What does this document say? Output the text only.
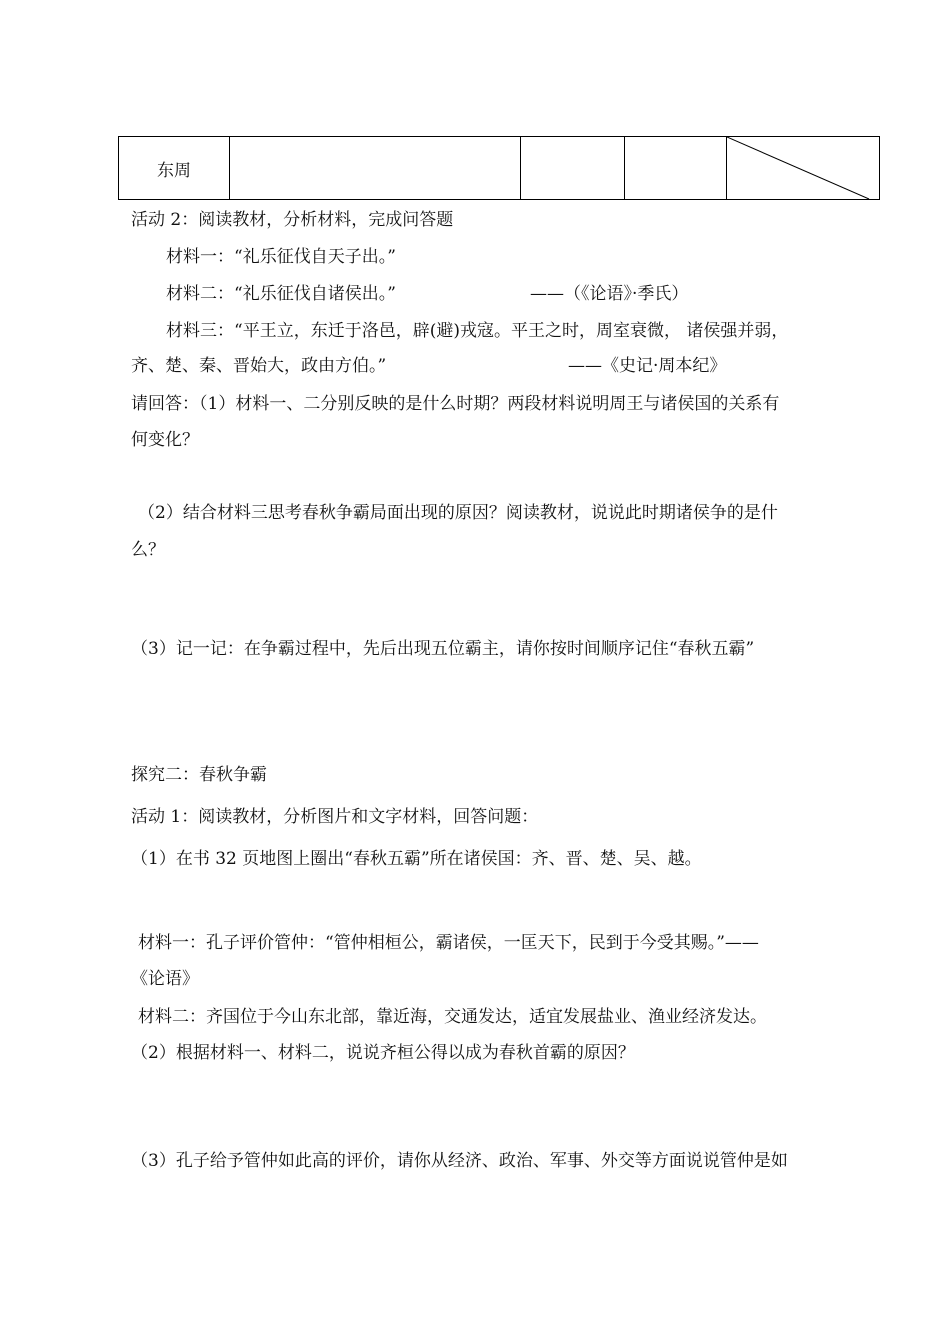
东周				
活动 2：阅读教材，分析材料，完成问答题
材料一：“礼乐征伐自天子出。”
材料二：“礼乐征伐自诸侯出。”	——（《论语》·季氏）
材料三：“平王立，东迁于洛邑，辟(避)戎寇。平王之时，周室衰微， 诸侯强并弱，
齐、楚、秦、晋始大，政由方伯。”	——《史记·周本纪》
请回答：（1）材料一、二分别反映的是什么时期？两段材料说明周王与诸侯国的关系有
何变化？
（2）结合材料三思考春秋争霸局面出现的原因？阅读教材，说说此时期诸侯争的是什
么？
（3）记一记：在争霸过程中，先后出现五位霸主，请你按时间顺序记住“春秋五霸”
探究二：春秋争霸
活动 1：阅读教材，分析图片和文字材料，回答问题：
（1）在书 32 页地图上圈出“春秋五霸”所在诸侯国：齐、晋、楚、吴、越。
材料一：孔子评价管仲：“管仲相桓公，霸诸侯，一匡天下，民到于今受其赐。”——
《论语》
材料二：齐国位于今山东北部，靠近海，交通发达，适宜发展盐业、渔业经济发达。
（2）根据材料一、材料二，说说齐桓公得以成为春秋首霸的原因？
（3）孔子给予管仲如此高的评价，请你从经济、政治、军事、外交等方面说说管仲是如
